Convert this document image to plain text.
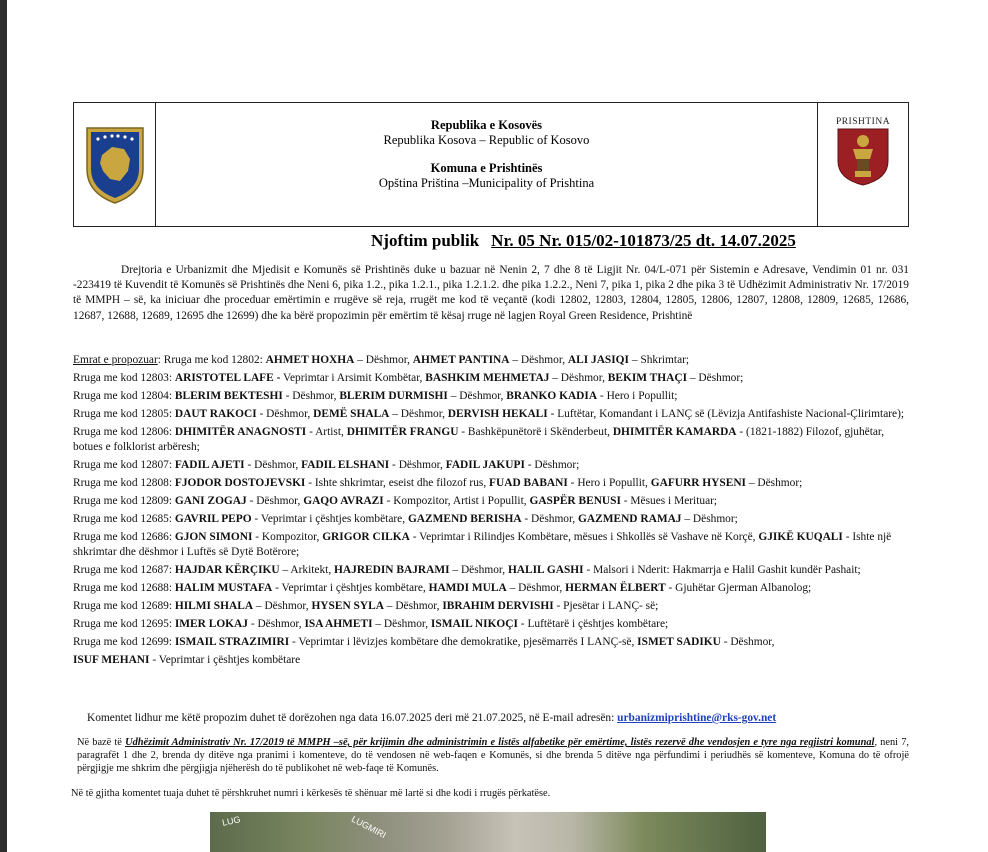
Republika e Kosovës
Republika Kosova – Republic of Kosovo
Komuna e Prishtinës
Opština Priština –Municipality of Prishtina
PRISHTINA
Njoftim publik Nr. 05 Nr. 015/02-101873/25 dt. 14.07.2025
Drejtoria e Urbanizmit dhe Mjedisit e Komunës së Prishtinës duke u bazuar në Nenin 2, 7 dhe 8 të Ligjit Nr. 04/L-071 për Sistemin e Adresave, Vendimin 01 nr. 031 -223419 të Kuvendit të Komunës së Prishtinës dhe Neni 6, pika 1.2., pika 1.2.1., pika 1.2.1.2. dhe pika 1.2.2., Neni 7, pika 1, pika 2 dhe pika 3 të Udhëzimit Administrativ Nr. 17/2019 të MMPH – së, ka iniciuar dhe proceduar emërtimin e rrugëve së reja, rrugët me kod të veçantë (kodi 12802, 12803, 12804, 12805, 12806, 12807, 12808, 12809, 12685, 12686, 12687, 12688, 12689, 12695 dhe 12699) dhe ka bërë propozimin për emërtim të kësaj rruge në lagjen Royal Green Residence, Prishtinë

Emrat e propozuar: Rruga me kod 12802: AHMET HOXHA – Dëshmor, AHMET PANTINA – Dëshmor, ALI JASIQI – Shkrimtar;

Rruga me kod 12803: ARISTOTEL LAFE - Veprimtar i Arsimit Kombëtar, BASHKIM MEHMETAJ – Dëshmor, BEKIM THAÇI – Dëshmor;

Rruga me kod 12804: BLERIM BEKTESHI - Dëshmor, BLERIM DURMISHI – Dëshmor, BRANKO KADIA - Hero i Popullit;

Rruga me kod 12805: DAUT RAKOCI - Dëshmor, DEMË SHALA – Dëshmor, DERVISH HEKALI - Luftëtar, Komandant i LANÇ së (Lëvizja Antifashiste Nacional-Çlirimtare);

Rruga me kod 12806: DHIMITËR ANAGNOSTI - Artist, DHIMITËR FRANGU - Bashkëpunëtorë i Skënderbeut, DHIMITËR KAMARDA - (1821-1882) Filozof, gjuhëtar, botues e folklorist arbëresh;

Rruga me kod 12807: FADIL AJETI - Dëshmor, FADIL ELSHANI - Dëshmor, FADIL JAKUPI - Dëshmor;

Rruga me kod 12808: FJODOR DOSTOJEVSKI - Ishte shkrimtar, eseist dhe filozof rus, FUAD BABANI - Hero i Popullit, GAFURR HYSENI – Dëshmor;

Rruga me kod 12809: GANI ZOGAJ - Dëshmor, GAQO AVRAZI - Kompozitor, Artist i Popullit, GASPËR BENUSI - Mësues i Merituar;

Rruga me kod 12685: GAVRIL PEPO - Veprimtar i çështjes kombëtare, GAZMEND BERISHA - Dëshmor, GAZMEND RAMAJ – Dëshmor;

Rruga me kod 12686: GJON SIMONI - Kompozitor, GRIGOR CILKA - Veprimtar i Rilindjes Kombëtare, mësues i Shkollës së Vashave në Korçë, GJIKË KUQALI - Ishte një shkrimtar dhe dëshmor i Luftës së Dytë Botërore;

Rruga me kod 12687: HAJDAR KËRÇIKU – Arkitekt, HAJREDIN BAJRAMI – Dëshmor, HALIL GASHI - Malsori i Nderit: Hakmarrja e Halil Gashit kundër Pashait;

Rruga me kod 12688: HALIM MUSTAFA - Veprimtar i çështjes kombëtare, HAMDI MULA – Dëshmor, HERMAN ËLBERT - Gjuhëtar Gjerman Albanolog;

Rruga me kod 12689: HILMI SHALA – Dëshmor, HYSEN SYLA – Dëshmor, IBRAHIM DERVISHI - Pjesëtar i LANÇ- së;

Rruga me kod 12695: IMER LOKAJ - Dëshmor, ISA AHMETI – Dëshmor, ISMAIL NIKOÇI - Luftëtarë i çështjes kombëtare;

Rruga me kod 12699: ISMAIL STRAZIMIRI - Veprimtar i lëvizjes kombëtare dhe demokratike, pjesëmarrës I LANÇ-së, ISMET SADIKU - Dëshmor,

ISUF MEHANI - Veprimtar i çështjes kombëtare

Komentet lidhur me këtë propozim duhet të dorëzohen nga data 16.07.2025 deri më 21.07.2025, në E-mail adresën: urbanizmiprishtine@rks-gov.net
Në bazë të Udhëzimit Administrativ Nr. 17/2019 të MMPH –së, për krijimin dhe administrimin e listës alfabetike për emërtime, listës rezervë dhe vendosjen e tyre nga regjistri komunal, neni 7, paragrafët 1 dhe 2, brenda dy ditëve nga pranimi i komenteve, do të vendosen në web-faqen e Komunës, si dhe brenda 5 ditëve nga përfundimi i periudhës së komenteve, Komuna do të ofrojë përgjigje me shkrim dhe përgjigja njëherësh do të publikohet në web-faqe të Komunës.
Në të gjitha komentet tuaja duhet të përshkruhet numri i kërkesës të shënuar më lartë si dhe kodi i rrugës përkatëse.
LUG	LUGMIRI
